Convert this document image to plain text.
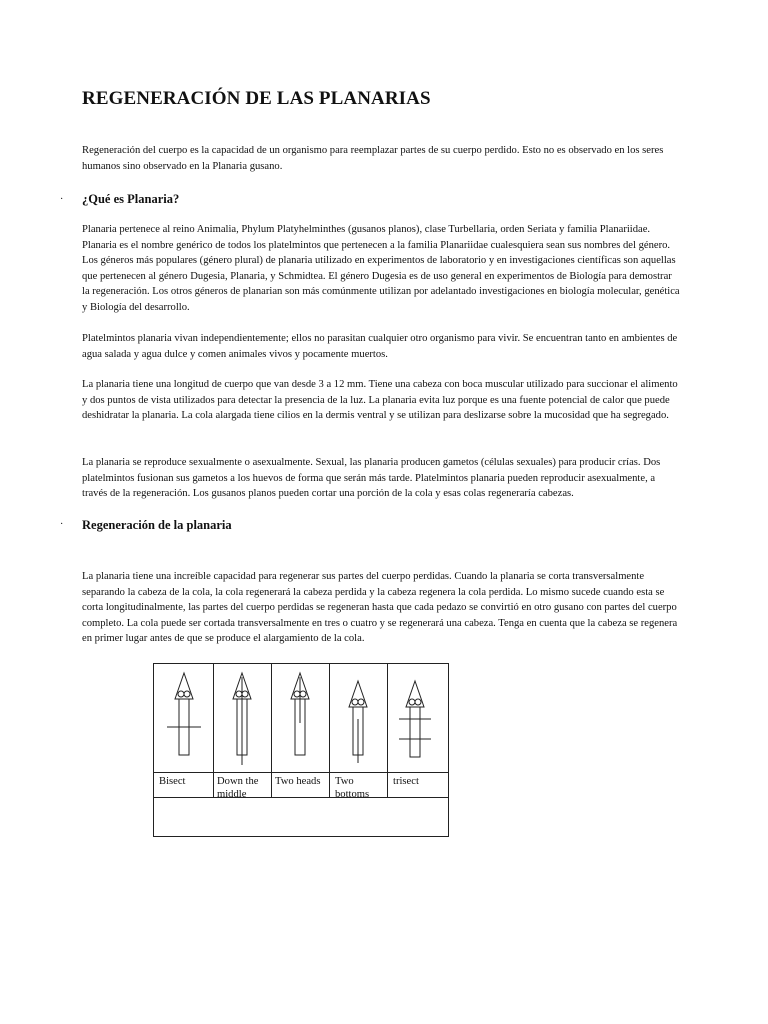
REGENERACIÓN DE LAS PLANARIAS

Regeneración del cuerpo es la capacidad de un organismo para reemplazar partes de su cuerpo perdido. Esto no es observado en los seres humanos sino observado en la Planaria gusano.

· ¿Qué es Planaria?

Planaria pertenece al reino Animalia, Phylum Platyhelminthes (gusanos planos), clase Turbellaria, orden Seriata y familia Planariidae. Planaria es el nombre genérico de todos los platelmintos que pertenecen a la familia Planariidae cualesquiera sean sus nombres del género. Los géneros más populares (género plural) de planaria utilizado en experimentos de laboratorio y en investigaciones científicas son aquellas que pertenecen al género Dugesia, Planaria, y Schmidtea. El género Dugesia es de uso general en experimentos de Biología para demostrar la regeneración. Los otros géneros de planarian son más comúnmente utilizan por adelantado investigaciones en biología molecular, genética y Biología del desarrollo.

Platelmintos planaria vivan independientemente; ellos no parasitan cualquier otro organismo para vivir. Se encuentran tanto en ambientes de agua salada y agua dulce y comen animales vivos y pocamente muertos.

La planaria tiene una longitud de cuerpo que van desde 3 a 12 mm. Tiene una cabeza con boca muscular utilizado para succionar el alimento y dos puntos de vista utilizados para detectar la presencia de la luz. La planaria evita luz porque es una fuente potencial de calor que puede deshidratar la planaria. La cola alargada tiene cilios en la dermis ventral y se utilizan para deslizarse sobre la mucosidad que ha segregado.

La planaria se reproduce sexualmente o asexualmente. Sexual, las planaria producen gametos (células sexuales) para producir crías. Dos platelmintos fusionan sus gametos a los huevos de forma que serán más tarde. Platelmintos planaria pueden reproducir asexualmente, a través de la regeneración. Los gusanos planos pueden cortar una porción de la cola y esas colas regeneraría cabezas.

· Regeneración de la planaria

La planaria tiene una increíble capacidad para regenerar sus partes del cuerpo perdidas. Cuando la planaria se corta transversalmente separando la cabeza de la cola, la cola regenerará la cabeza perdida y la cabeza regenera la cola perdida. Lo mismo sucede cuando esta se corta longitudinalmente, las partes del cuerpo perdidas se regeneran hasta que cada pedazo se convirtió en otro gusano con partes del cuerpo completo. La cola puede ser cortada transversalmente en tres o cuatro y se regenerará una cabeza. Tenga en cuenta que la cabeza se regenera en primer lugar antes de que se produce el alargamiento de la cola.

Bisect	Down the
middle
Two heads Two
bottoms
trisect
